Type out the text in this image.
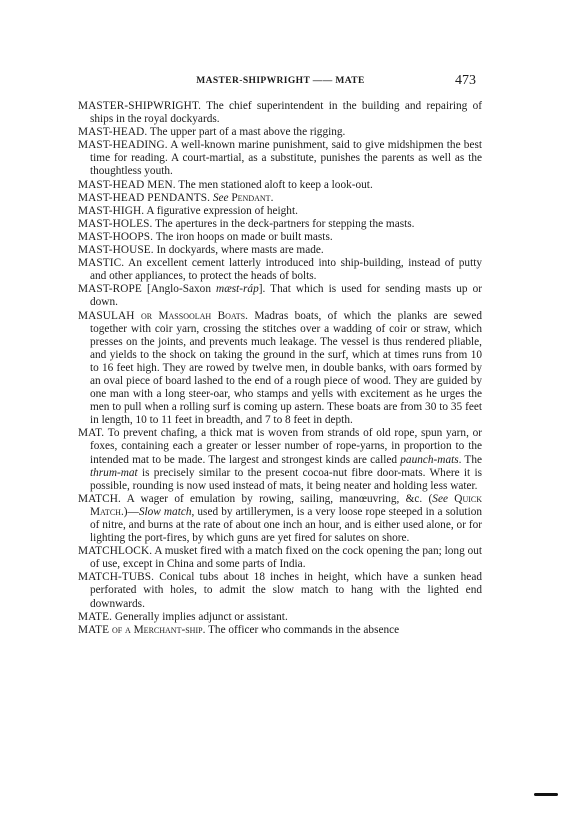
MASTER-SHIPWRIGHT —— MATE	473

MASTER-SHIPWRIGHT. The chief superintendent in the building and repairing of ships in the royal dockyards.

MAST-HEAD. The upper part of a mast above the rigging.

MAST-HEADING. A well-known marine punishment, said to give midshipmen the best time for reading. A court-martial, as a substitute, punishes the parents as well as the thoughtless youth.

MAST-HEAD MEN. The men stationed aloft to keep a look-out.

MAST-HEAD PENDANTS. See Pendant.

MAST-HIGH. A figurative expression of height.

MAST-HOLES. The apertures in the deck-partners for stepping the masts.

MAST-HOOPS. The iron hoops on made or built masts.

MAST-HOUSE. In dockyards, where masts are made.

MASTIC. An excellent cement latterly introduced into ship-building, instead of putty and other appliances, to protect the heads of bolts.

MAST-ROPE [Anglo-Saxon mæst-ráp]. That which is used for sending masts up or down.

MASULAH or Massoolah Boats. Madras boats, of which the planks are sewed together with coir yarn, crossing the stitches over a wadding of coir or straw, which presses on the joints, and prevents much leakage. The vessel is thus rendered pliable, and yields to the shock on taking the ground in the surf, which at times runs from 10 to 16 feet high. They are rowed by twelve men, in double banks, with oars formed by an oval piece of board lashed to the end of a rough piece of wood. They are guided by one man with a long steer-oar, who stamps and yells with excitement as he urges the men to pull when a rolling surf is coming up astern. These boats are from 30 to 35 feet in length, 10 to 11 feet in breadth, and 7 to 8 feet in depth.

MAT. To prevent chafing, a thick mat is woven from strands of old rope, spun yarn, or foxes, containing each a greater or lesser number of rope-yarns, in proportion to the intended mat to be made. The largest and strongest kinds are called paunch-mats. The thrum-mat is precisely similar to the present cocoa-nut fibre door-mats. Where it is possible, rounding is now used instead of mats, it being neater and holding less water.

MATCH. A wager of emulation by rowing, sailing, manœuvring, &c. (See Quick Match.)—Slow match, used by artillerymen, is a very loose rope steeped in a solution of nitre, and burns at the rate of about one inch an hour, and is either used alone, or for lighting the port-fires, by which guns are yet fired for salutes on shore.

MATCHLOCK. A musket fired with a match fixed on the cock opening the pan; long out of use, except in China and some parts of India.

MATCH-TUBS. Conical tubs about 18 inches in height, which have a sunken head perforated with holes, to admit the slow match to hang with the lighted end downwards.

MATE. Generally implies adjunct or assistant.

MATE of a Merchant-ship. The officer who commands in the absence
